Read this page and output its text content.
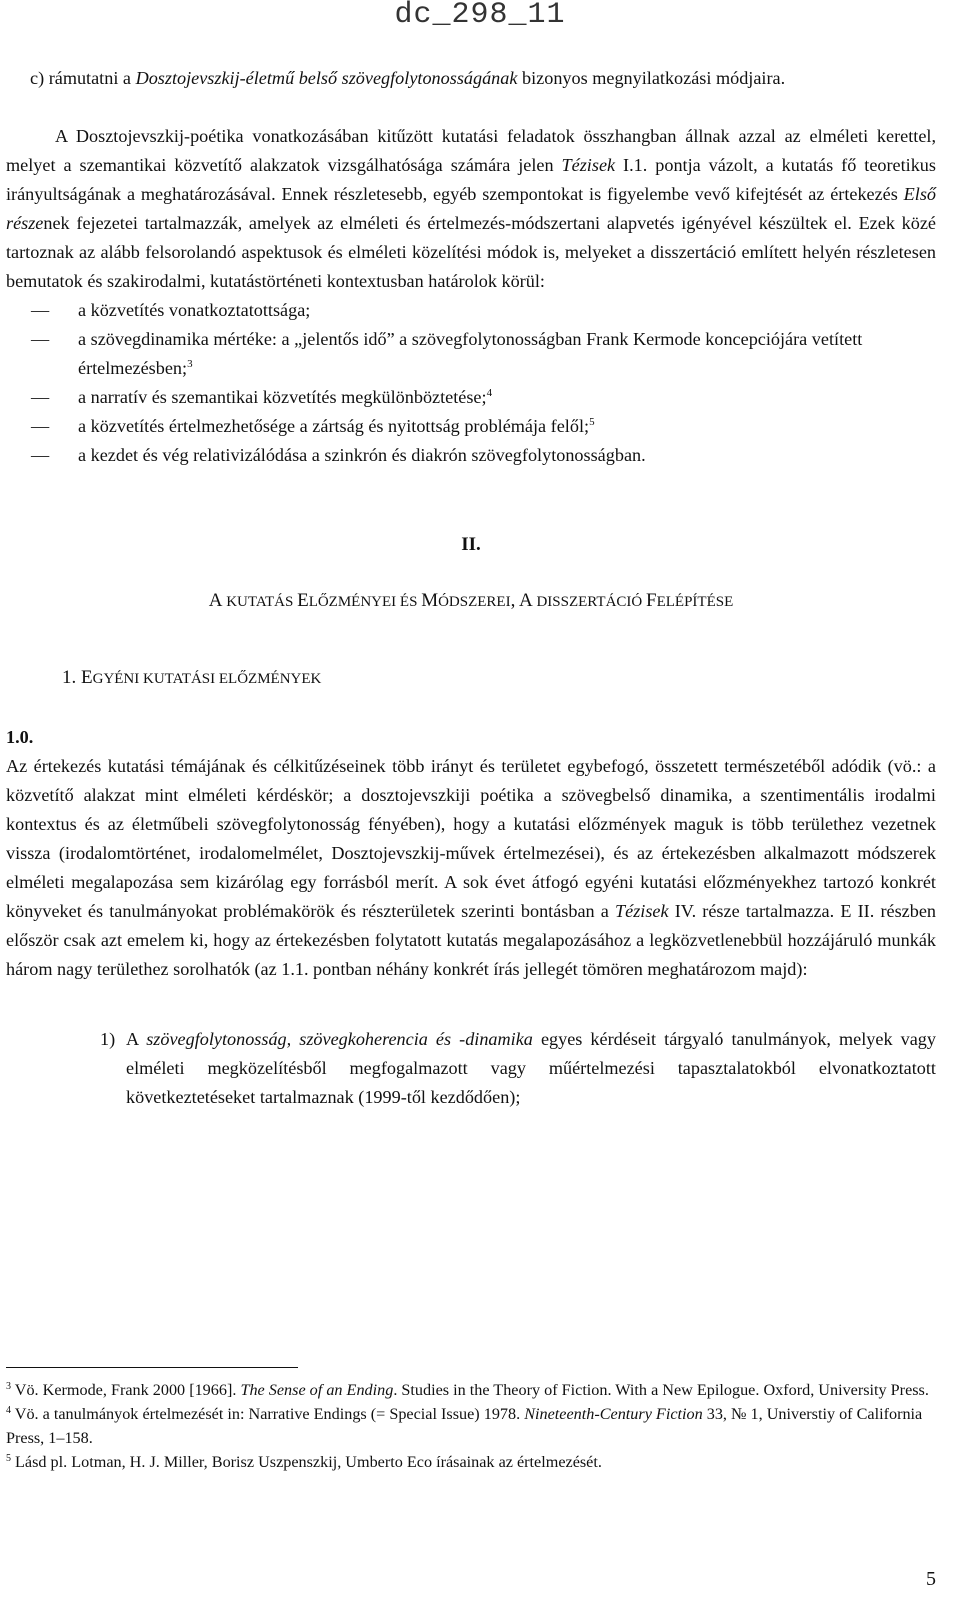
dc_298_11

c) rámutatni a Dosztojevszkij-életmű belső szövegfolytonosságának bizonyos megnyilatkozási módjaira.

A Dosztojevszkij-poétika vonatkozásában kitűzött kutatási feladatok összhangban állnak azzal az elméleti kerettel, melyet a szemantikai közvetítő alakzatok vizsgálhatósága számára jelen Tézisek I.1. pontja vázolt, a kutatás fő teoretikus irányultságának a meghatározásával. Ennek részletesebb, egyéb szempontokat is figyelembe vevő kifejtését az értekezés Első részenek fejezetei tartalmazzák, amelyek az elméleti és értelmezés-módszertani alapvetés igényével készültek el. Ezek közé tartoznak az alább felsorolandó aspektusok és elméleti közelítési módok is, melyeket a disszertáció említett helyén részletesen bemutatok és szakirodalmi, kutatástörténeti kontextusban határolok körül:

— a közvetítés vonatkoztatottsága;
— a szövegdinamika mértéke: a „jelentős idő” a szövegfolytonosságban Frank Kermode koncepciójára vetített értelmezésben;$^3$
— a narratív és szemantikai közvetítés megkülönböztetése;$^4$
— a közvetítés értelmezhetősége a zártság és nyitottság problémája felől;$^5$
— a kezdet és vég relativizálódása a szinkrón és diakrón szövegfolytonosságban.
II.
A KUTATÁS ELŐZMÉNYEI ÉS MÓDSZEREI, A DISSZERTÁCIÓ FELÉPÍTÉSE
1. EGYÉNI KUTATÁSI ELŐZMÉNYEK
1.0.

Az értekezés kutatási témájának és célkitűzéseinek több irányt és területet egybefogó, összetett természetéből adódik (vö.: a közvetítő alakzat mint elméleti kérdéskör; a dosztojevszkiji poétika a szövegbelső dinamika, a szentimentális irodalmi kontextus és az életműbeli szövegfolytonosság fényében), hogy a kutatási előzmények maguk is több területhez vezetnek vissza (irodalomtörténet, irodalomelmélet, Dosztojevszkij-művek értelmezései), és az értekezésben alkalmazott módszerek elméleti megalapozása sem kizárólag egy forrásból merít. A sok évet átfogó egyéni kutatási előzményekhez tartozó konkrét könyveket és tanulmányokat problémakörök és részterületek szerinti bontásban a Tézisek IV. része tartalmazza. E II. részben először csak azt emelem ki, hogy az értekezésben folytatott kutatás megalapozásához a legközvetlenebbül hozzájáruló munkák három nagy területhez sorolhatók (az 1.1. pontban néhány konkrét írás jellegét tömören meghatározom majd):

1) A szövegfolytonosság, szövegkoherencia és -dinamika egyes kérdéseit tárgyaló tanulmányok, melyek vagy elméleti megközelítésből megfogalmazott vagy műértelmezési tapasztalatokból elvonatkoztatott következtetéseket tartalmaznak (1999-től kezdődően);

$^3$ Vö. Kermode, Frank 2000 [1966]. The Sense of an Ending. Studies in the Theory of Fiction. With a New Epilogue. Oxford, University Press.

$^4$ Vö. a tanulmányok értelmezését in: Narrative Endings (= Special Issue) 1978. Nineteenth-Century Fiction 33, № 1, Universtiy of California Press, 1–158.

$^5$ Lásd pl. Lotman, H. J. Miller, Borisz Uszpenszkij, Umberto Eco írásainak az értelmezését.

5
